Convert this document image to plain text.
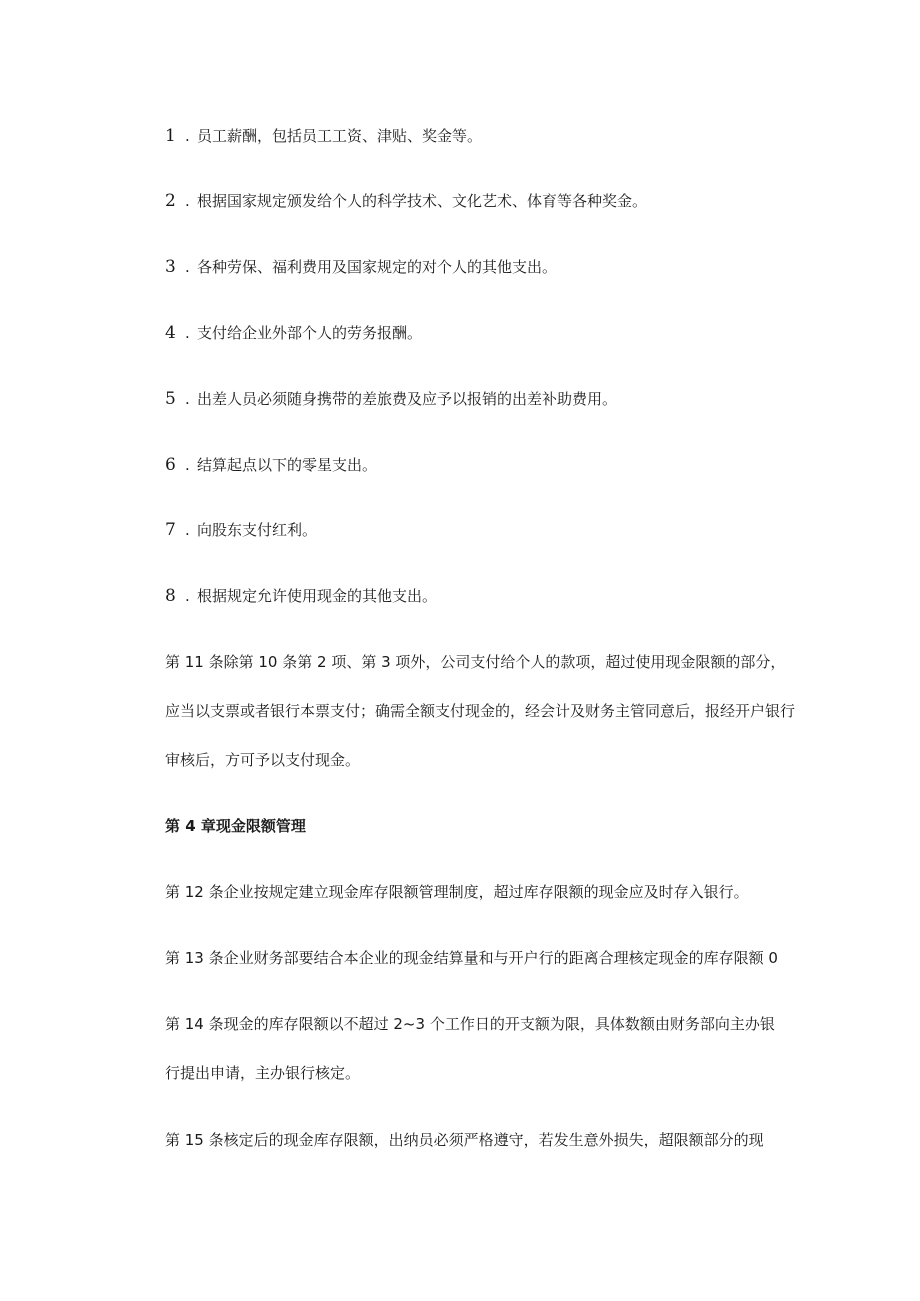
1 . 员工薪酬，包括员工工资、津贴、奖金等。
2 . 根据国家规定颁发给个人的科学技术、文化艺术、体育等各种奖金。
3 . 各种劳保、福利费用及国家规定的对个人的其他支出。
4 . 支付给企业外部个人的劳务报酬。
5 . 出差人员必须随身携带的差旅费及应予以报销的出差补助费用。
6 . 结算起点以下的零星支出。
7 . 向股东支付红利。
8 . 根据规定允许使用现金的其他支出。
第 11 条除第 10 条第 2 项、第 3 项外，公司支付给个人的款项，超过使用现金限额的部分，
应当以支票或者银行本票支付；确需全额支付现金的，经会计及财务主管同意后，报经开户银行
审核后，方可予以支付现金。
第 4 章现金限额管理
第 12 条企业按规定建立现金库存限额管理制度，超过库存限额的现金应及时存入银行。
第 13 条企业财务部要结合本企业的现金结算量和与开户行的距离合理核定现金的库存限额 0
第 14 条现金的库存限额以不超过 2~3 个工作日的开支额为限，具体数额由财务部向主办银
行提出申请，主办银行核定。
第 15 条核定后的现金库存限额，出纳员必须严格遵守，若发生意外损失，超限额部分的现
